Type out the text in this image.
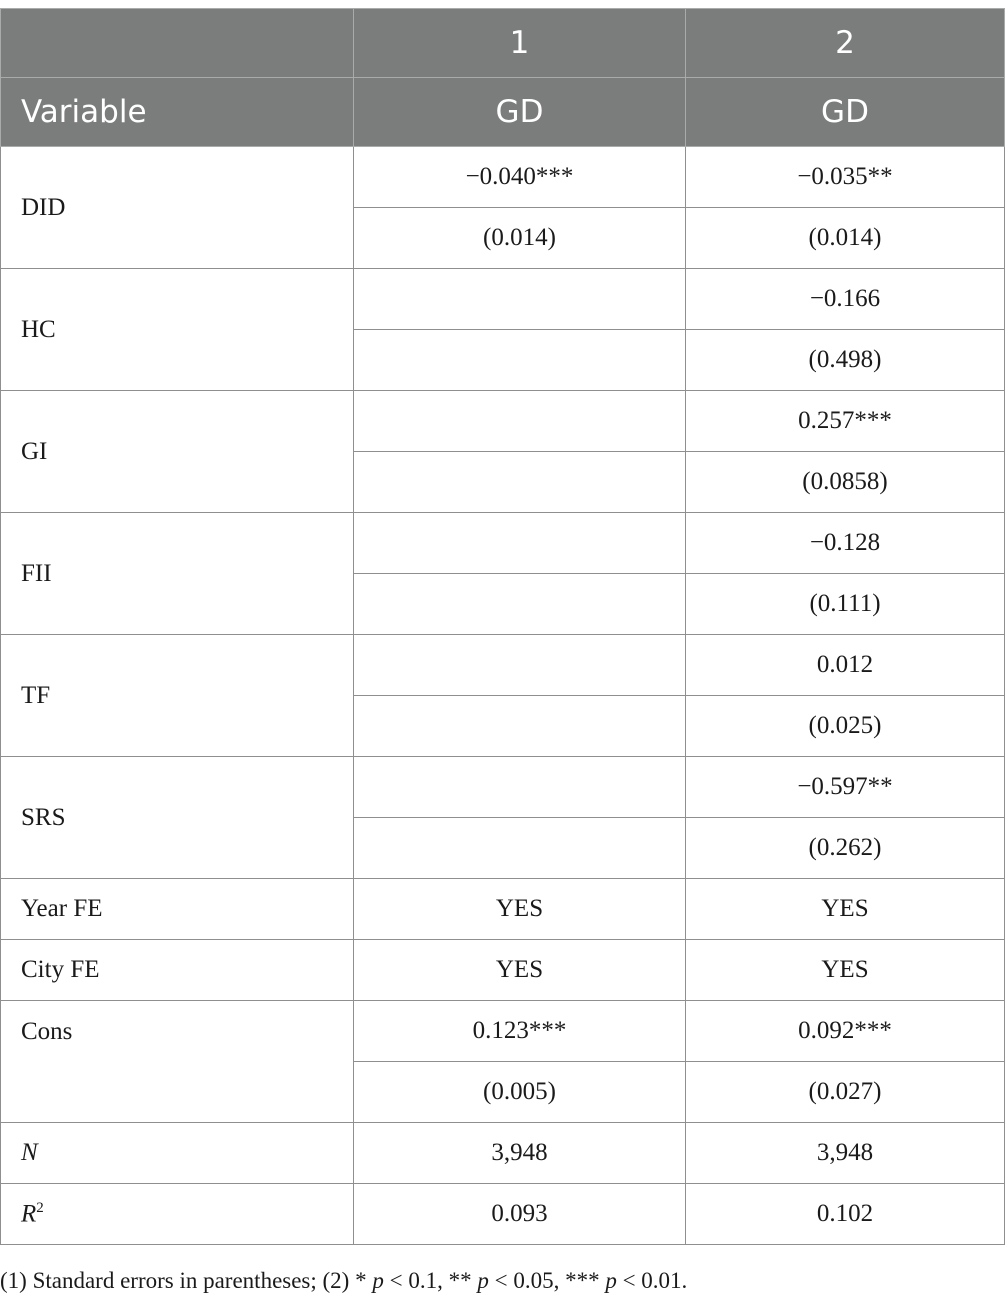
	1	2
Variable	GD	GD
DID	−0.040***	−0.035**
	(0.014)	(0.014)
HC		−0.166
		(0.498)
GI		0.257***
		(0.0858)
FII		−0.128
		(0.111)
TF		0.012
		(0.025)
SRS		−0.597**
		(0.262)
Year FE	YES	YES
City FE	YES	YES
Cons	0.123***	0.092***
	(0.005)	(0.027)
N	3,948	3,948
$R^2$	0.093	0.102
(1) Standard errors in parentheses; (2) * p < 0.1, ** p < 0.05, *** p < 0.01.
